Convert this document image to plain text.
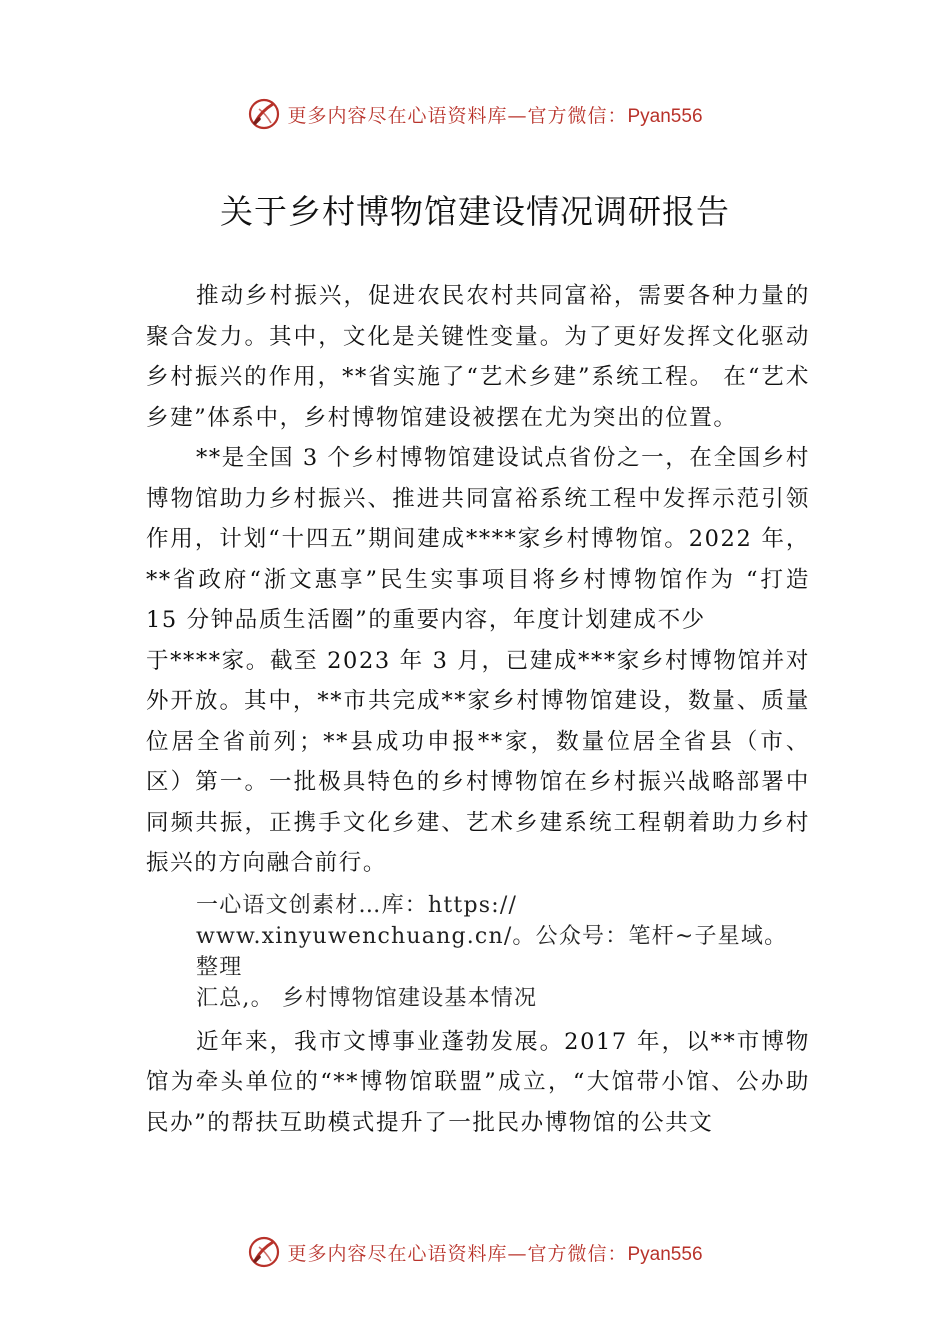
更多内容尽在心语资料库—官方微信：Pyan556
关于乡村博物馆建设情况调研报告

推动乡村振兴，促进农民农村共同富裕，需要各种力量的聚合发力。其中，文化是关键性变量。为了更好发挥文化驱动乡村振兴的作用，**省实施了“艺术乡建”系统工程。 在“艺术乡建”体系中，乡村博物馆建设被摆在尤为突出的位置。

**是全国 3 个乡村博物馆建设试点省份之一，在全国乡村博物馆助力乡村振兴、推进共同富裕系统工程中发挥示范引领作用，计划“十四五”期间建成****家乡村博物馆。2022 年，**省政府“浙文惠享”民生实事项目将乡村博物馆作为 “打造 15 分钟品质生活圈”的重要内容，年度计划建成不少

于****家。截至 2023 年 3 月，已建成***家乡村博物馆并对外开放。其中，**市共完成**家乡村博物馆建设，数量、质量位居全省前列；**县成功申报**家，数量位居全省县（市、区）第一。一批极具特色的乡村博物馆在乡村振兴战略部署中同频共振，正携手文化乡建、艺术乡建系统工程朝着助力乡村振兴的方向融合前行。

一心语文创素材…库：https://

www.xinyuwenchuang.cn/。公众号：笔杆~子星域。整理

汇总,。 乡村博物馆建设基本情况

近年来，我市文博事业蓬勃发展。2017 年，以**市博物馆为牵头单位的“**博物馆联盟”成立，“大馆带小馆、公办助民办”的帮扶互助模式提升了一批民办博物馆的公共文

更多内容尽在心语资料库—官方微信：Pyan556
